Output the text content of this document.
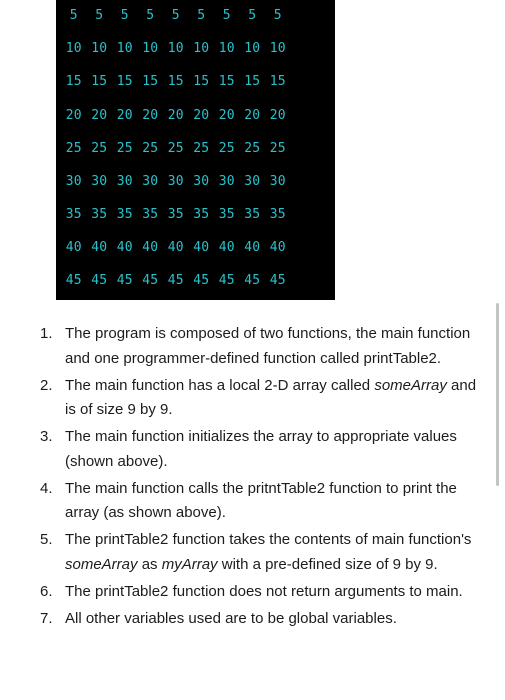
5	5	5	5	5	5	5	5	5
10 10 10 10 10 10 10 10 10
15 15 15 15 15 15 15 15 15
20 20 20 20 20 20 20 20 20
25 25 25 25 25 25 25 25 25
30 30 30 30 30 30 30 30 30
35 35 35 35 35 35 35 35 35
40 40 40 40 40 40 40 40 40
45 45 45 45 45 45 45 45 45
1. The program is composed of two functions, the main function and one programmer-defined function called printTable2.
2. The main function has a local 2-D array called someArray and is of size 9 by 9.
3. The main function initializes the array to appropriate values (shown above).
4. The main function calls the pritntTable2 function to print the array (as shown above).
5. The printTable2 function takes the contents of main function's someArray as myArray with a pre-defined size of 9 by 9.
6. The printTable2 function does not return arguments to main.
7. All other variables used are to be global variables.
